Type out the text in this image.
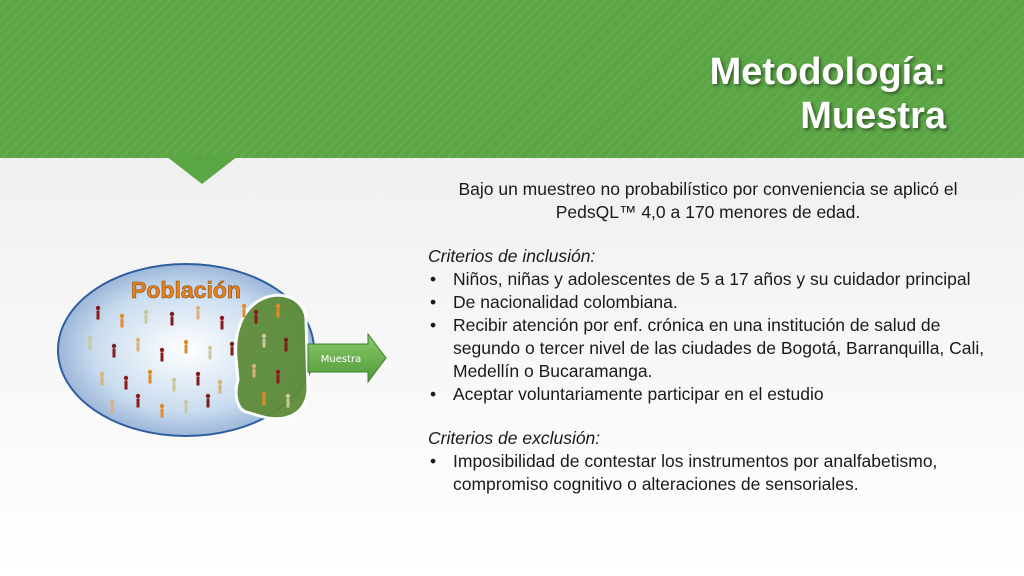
Metodología:
Muestra
Muestra
Población

Bajo un muestreo no probabilístico por conveniencia se aplicó el PedsQL™ 4,0 a 170 menores de edad.

Criterios de inclusión:

• Niños, niñas y adolescentes de 5 a 17 años y su cuidador principal
• De nacionalidad colombiana.
• Recibir atención por enf. crónica en una institución de salud de segundo o tercer nivel de las ciudades de Bogotá, Barranquilla, Cali, Medellín o Bucaramanga.
• Aceptar voluntariamente participar en el estudio

Criterios de exclusión:

• Imposibilidad de contestar los instrumentos por analfabetismo, compromiso cognitivo o alteraciones de sensoriales.
